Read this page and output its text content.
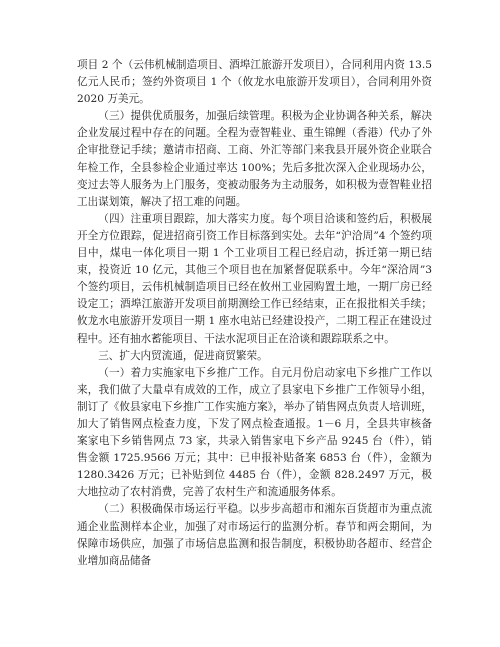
项目 2 个（云伟机械制造项目、酒埠江旅游开发项目），合同利用内资 13.5 亿元人民币；签约外资项目 1 个（攸龙水电旅游开发项目），合同利用外资 2020 万美元。

（三）提供优质服务，加强后续管理。积极为企业协调各种关系，解决企业发展过程中存在的问题。全程为壹智鞋业、重生锦鲤（香港）代办了外企审批登记手续；邀请市招商、工商、外汇等部门来我县开展外资企业联合年检工作，全县参检企业通过率达 100%；先后多批次深入企业现场办公，变过去等人服务为上门服务，变被动服务为主动服务，如积极为壹智鞋业招工出谋划策，解决了招工难的问题。

（四）注重项目跟踪，加大落实力度。每个项目洽谈和签约后，积极展开全方位跟踪，促进招商引资工作目标落到实处。去年“沪洽周”4 个签约项目中，煤电一体化项目一期 1 个工业项目工程已经启动，拆迁第一期已结束，投资近 10 亿元，其他三个项目也在加紧督促联系中。今年“深洽周”3 个签约项目，云伟机械制造项目已经在攸州工业园购置土地，一期厂房已经设定工；酒埠江旅游开发项目前期测绘工作已经结束，正在报批相关手续；攸龙水电旅游开发项目一期 1 座水电站已经建设投产，二期工程正在建设过程中。还有抽水蓄能项目、干法水泥项目正在洽谈和跟踪联系之中。

三、扩大内贸流通，促进商贸繁荣。

（一）着力实施家电下乡推广工作。自元月份启动家电下乡推广工作以来，我们做了大量卓有成效的工作，成立了县家电下乡推广工作领导小组，制订了《攸县家电下乡推广工作实施方案》，举办了销售网点负责人培训班，加大了销售网点检查力度，下发了网点检查通报。1－6 月，全县共审核备案家电下乡销售网点 73 家，共录入销售家电下乡产品 9245 台（件），销售金额 1725.9566 万元；其中：已申报补贴备案 6853 台（件），金额为 1280.3426 万元；已补贴到位 4485 台（件），金额 828.2497 万元，极大地拉动了农村消费，完善了农村生产和流通服务体系。

（二）积极确保市场运行平稳。以步步高超市和湘东百货超市为重点流通企业监测样本企业，加强了对市场运行的监测分析。春节和两会期间，为保障市场供应，加强了市场信息监测和报告制度，积极协助各超市、经营企业增加商品储备
